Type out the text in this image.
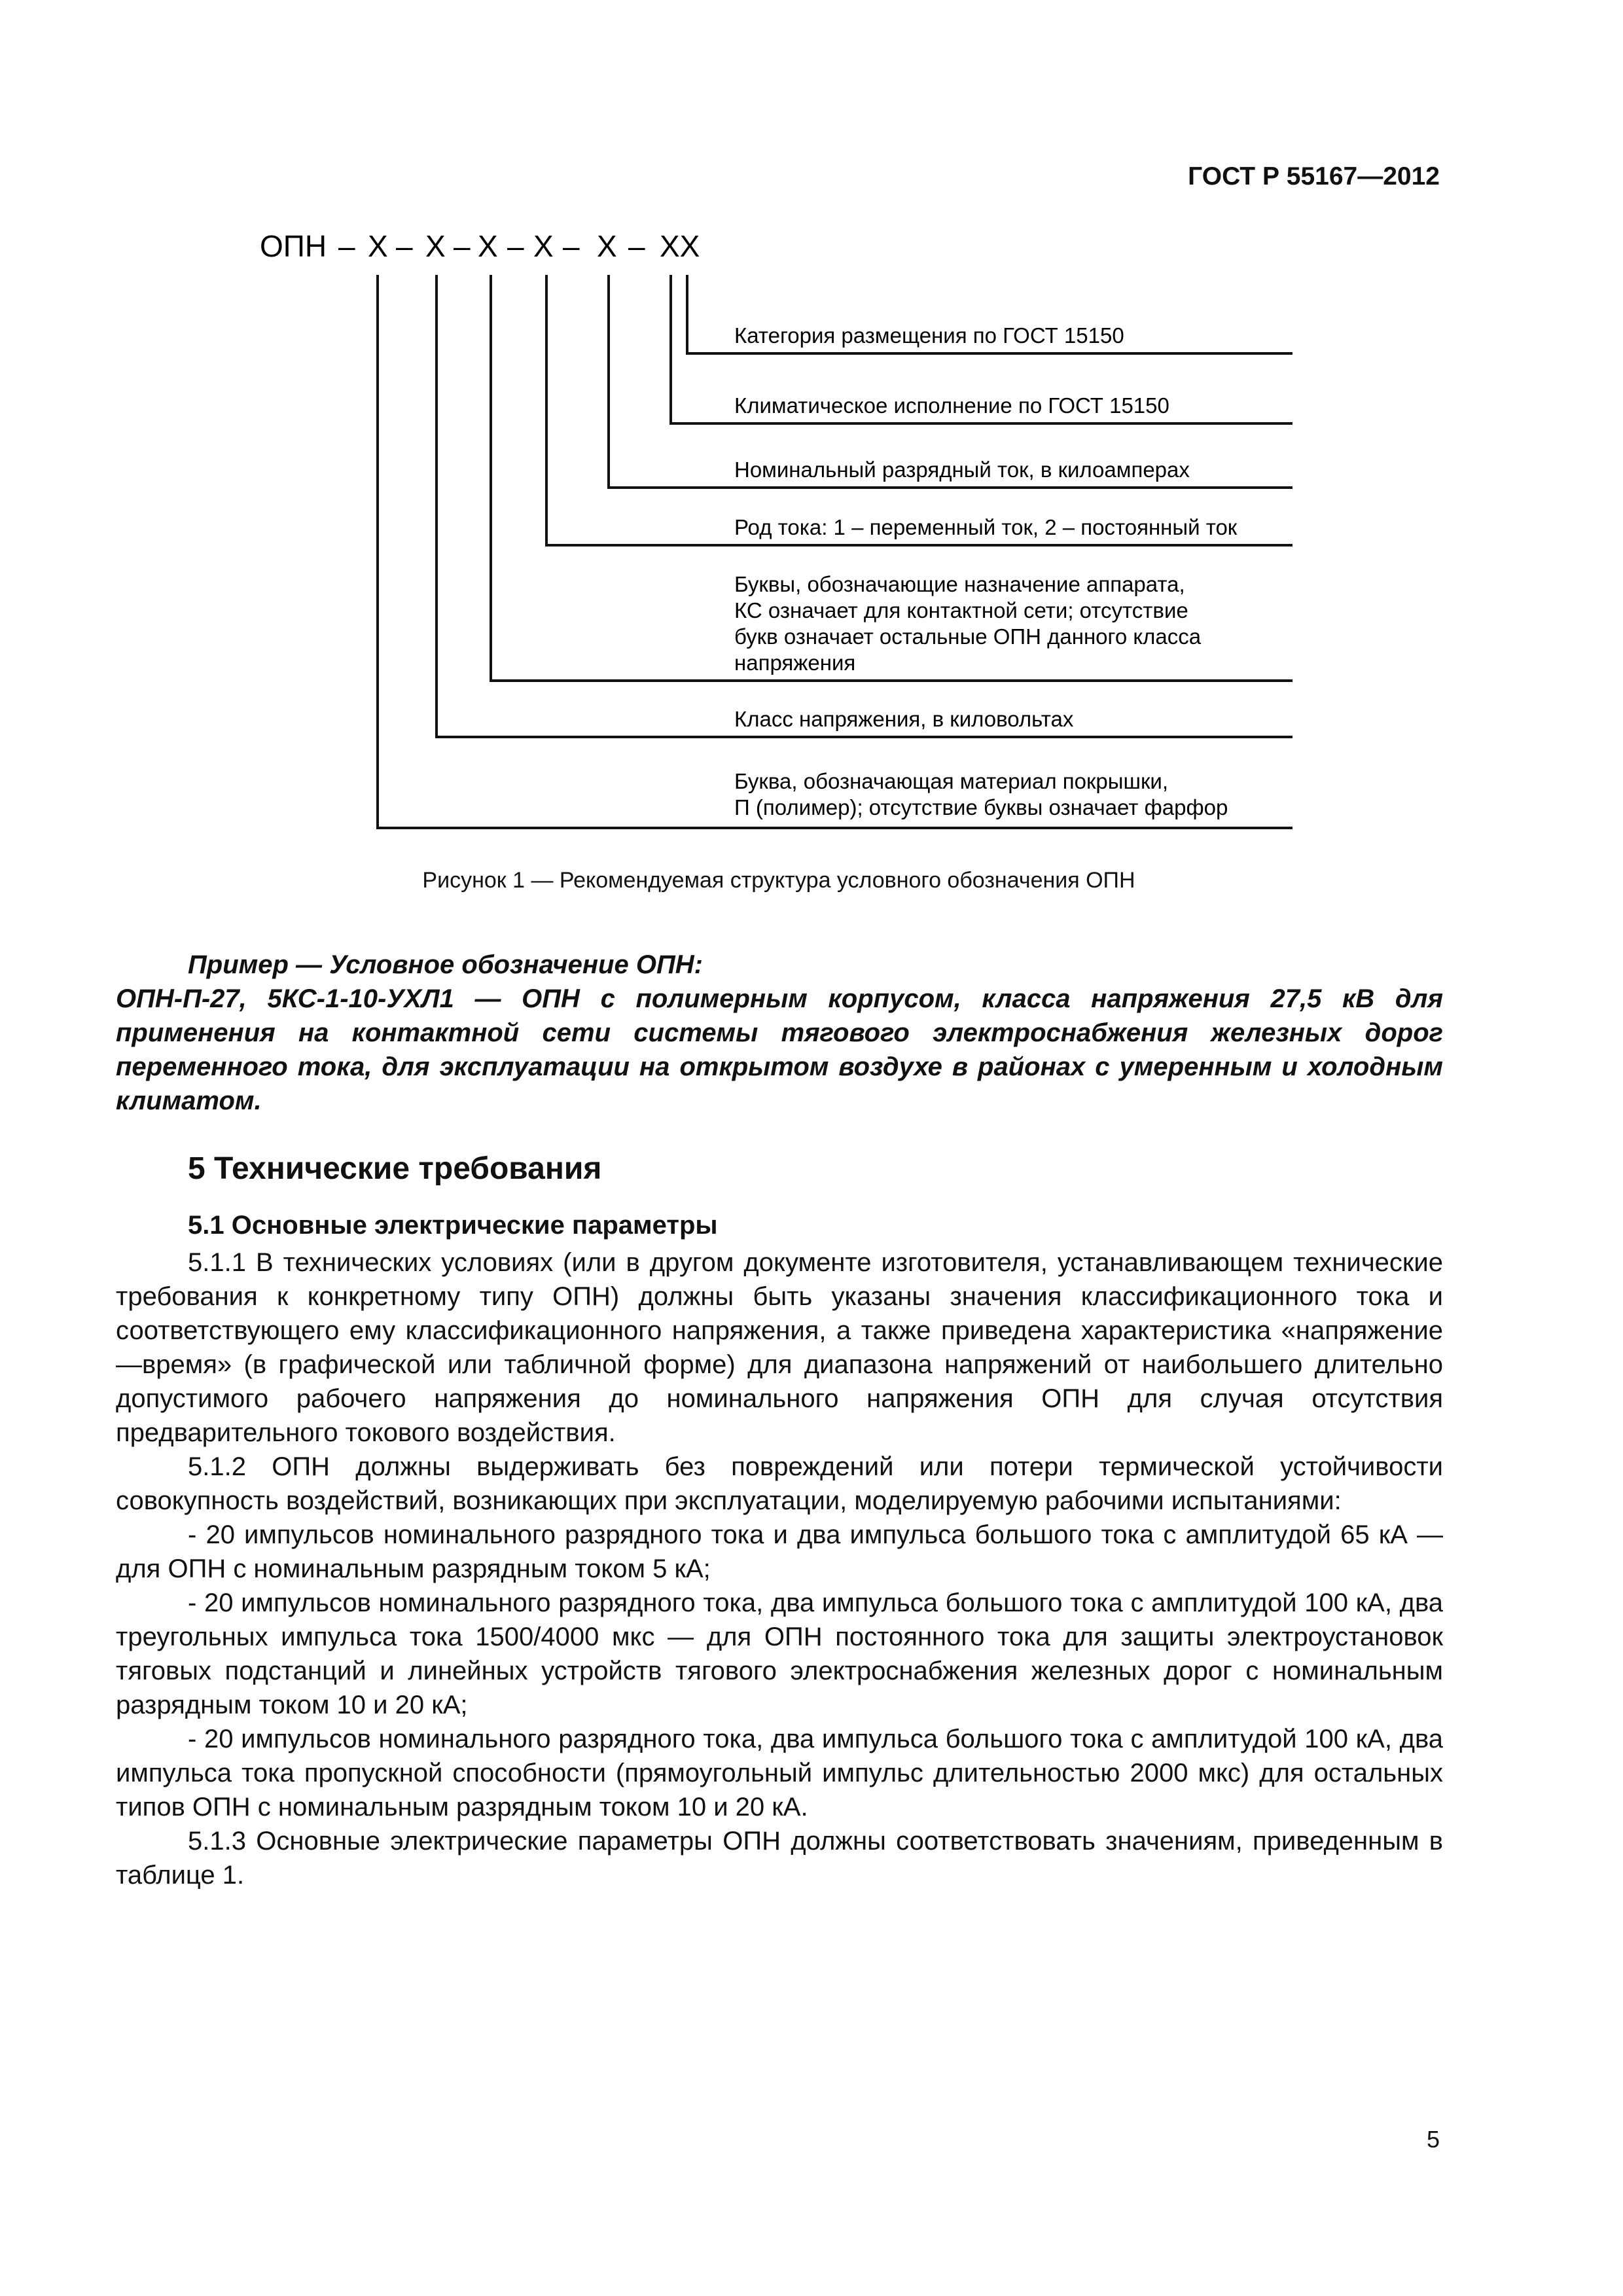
ГОСТ Р 55167—2012
ОПН – Х – Х – Х – Х – Х – ХХ
Категория размещения по ГОСТ 15150
Климатическое исполнение по ГОСТ 15150
Номинальный разрядный ток, в килоамперах
Род тока: 1 – переменный ток, 2 – постоянный ток
Буквы, обозначающие назначение аппарата,
КС означает для контактной сети; отсутствие
букв означает остальные ОПН данного класса
напряжения
Класс напряжения, в киловольтах
Буква, обозначающая материал покрышки,
П (полимер); отсутствие буквы означает фарфор
Рисунок 1 — Рекомендуемая структура условного обозначения ОПН

Пример — Условное обозначение ОПН:

ОПН-П-27, 5КС-1-10-УХЛ1 — ОПН с полимерным корпусом, класса напряжения 27,5 кВ для применения на контактной сети системы тягового электроснабжения железных дорог переменного тока, для эксплуатации на открытом воздухе в районах с умеренным и холодным климатом.

5 Технические требования
5.1 Основные электрические параметры

5.1.1 В технических условиях (или в другом документе изготовителя, устанавливающем технические требования к конкретному типу ОПН) должны быть указаны значения классификационного тока и соответствующего ему классификационного напряжения, а также приведена характеристика «напряжение—время» (в графической или табличной форме) для диапазона напряжений от наибольшего длительно допустимого рабочего напряжения до номинального напряжения ОПН для случая отсутствия предварительного токового воздействия.

5.1.2 ОПН должны выдерживать без повреждений или потери термической устойчивости совокупность воздействий, возникающих при эксплуатации, моделируемую рабочими испытаниями:

- 20 импульсов номинального разрядного тока и два импульса большого тока с амплитудой 65 кА — для ОПН с номинальным разрядным током 5 кА;

- 20 импульсов номинального разрядного тока, два импульса большого тока с амплитудой 100 кА, два треугольных импульса тока 1500/4000 мкс — для ОПН постоянного тока для защиты электроустановок тяговых подстанций и линейных устройств тягового электроснабжения железных дорог с номинальным разрядным током 10 и 20 кА;

- 20 импульсов номинального разрядного тока, два импульса большого тока с амплитудой 100 кА, два импульса тока пропускной способности (прямоугольный импульс длительностью 2000 мкс) для остальных типов ОПН с номинальным разрядным током 10 и 20 кА.

5.1.3 Основные электрические параметры ОПН должны соответствовать значениям, приведенным в таблице 1.

5
